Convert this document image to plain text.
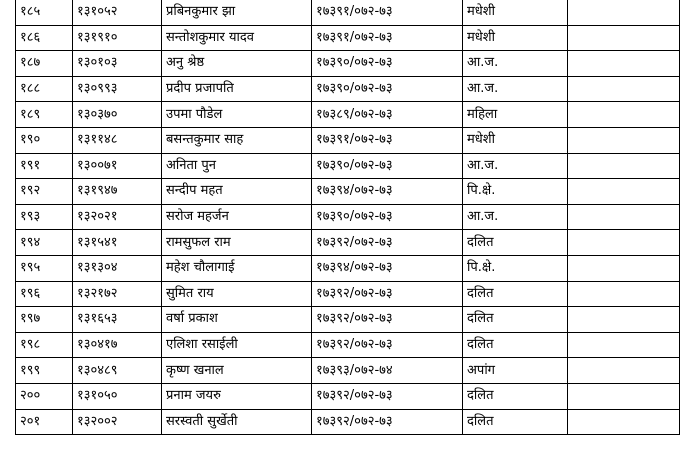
१८५	१३१०५२	प्रबिनकुमार झा	१७३९१/०७२-७३	मधेशी	
१८६	१३१९१०	सन्तोशकुमार यादव	१७३९१/०७२-७३	मधेशी	
१८७	१३०१०३	अनु श्रेष्ठ	१७३९०/०७२-७३	आ.ज.	
१८८	१३०९९३	प्रदीप प्रजापति	१७३९०/०७२-७३	आ.ज.	
१८९	१३०३७०	उपमा पौडेल	१७३८९/०७२-७३	महिला	
१९०	१३११४८	बसन्तकुमार साह	१७३९१/०७२-७३	मधेशी	
१९१	१३००७१	अनिता पुन	१७३९०/०७२-७३	आ.ज.	
१९२	१३१९४७	सन्दीप महत	१७३९४/०७२-७३	पि.क्षे.	
१९३	१३२०२१	सरोज महर्जन	१७३९०/०७२-७३	आ.ज.	
१९४	१३१५४१	रामसुफल राम	१७३९२/०७२-७३	दलित	
१९५	१३१३०४	महेश चौलागाई	१७३९४/०७२-७३	पि.क्षे.	
१९६	१३२१७२	सुमित राय	१७३९२/०७२-७३	दलित	
१९७	१३१६५३	वर्षा प्रकाश	१७३९२/०७२-७३	दलित	
१९८	१३०४१७	एलिशा रसाईली	१७३९२/०७२-७३	दलित	
१९९	१३०४८९	कृष्ण खनाल	१७३९३/०७२-७४	अपांग	
२००	१३१०५०	प्रनाम जयरु	१७३९२/०७२-७३	दलित	
२०१	१३२००२	सरस्वती सुर्खेती	१७३९२/०७२-७३	दलित	
